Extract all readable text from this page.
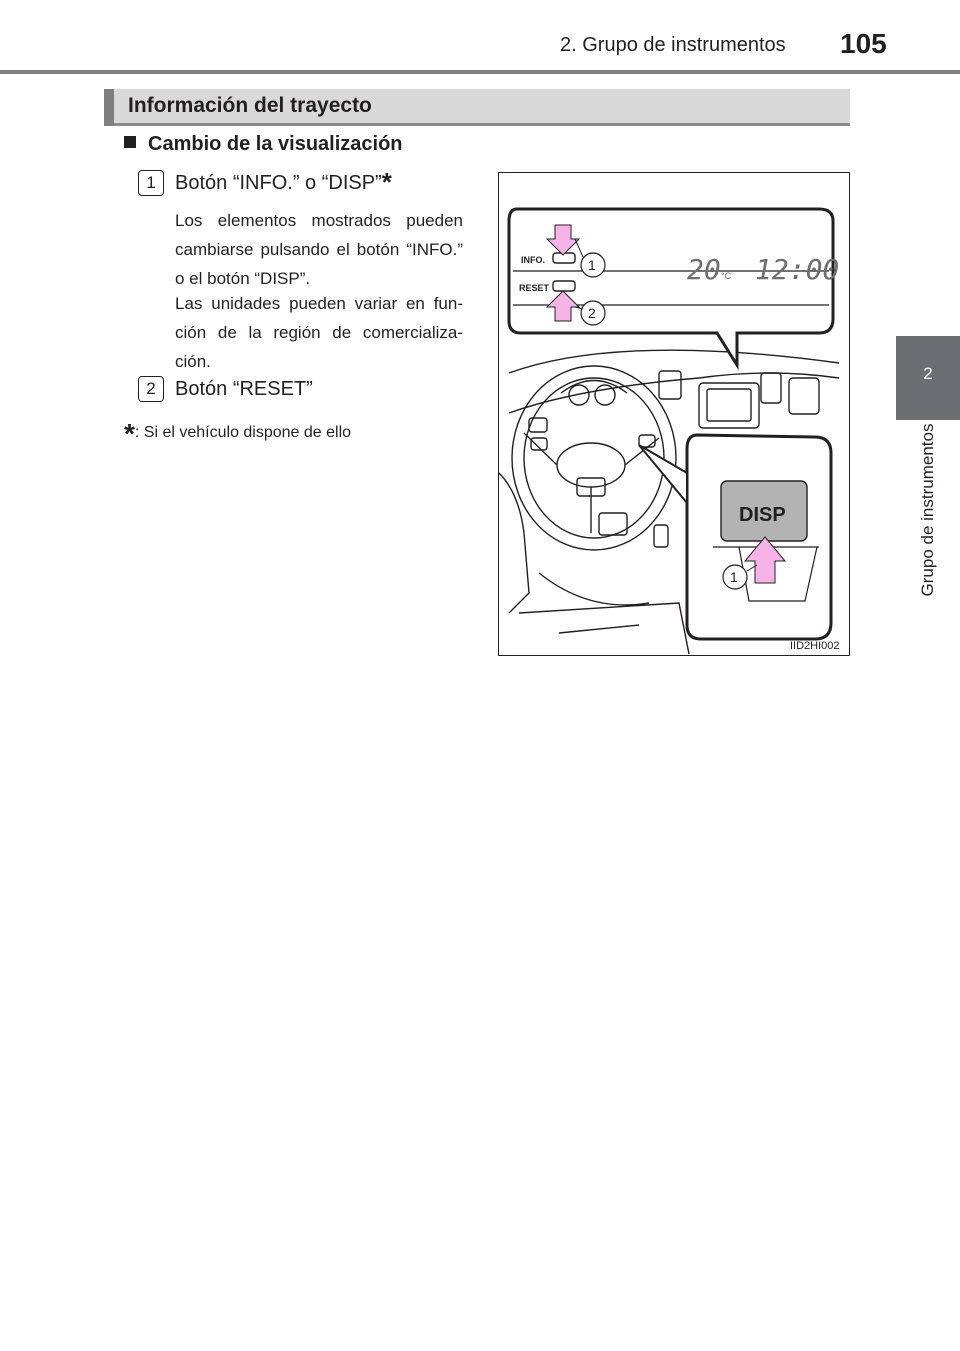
2. Grupo de instrumentos 105
2
Grupo de instrumentos
Información del trayecto
Cambio de la visualización
1 Botón “INFO.” o “DISP”*
Los elementos mostrados pueden cambiarse pulsando el botón “INFO.” o el botón “DISP”.
Las unidades pueden variar en fun-ción de la región de comercializa-ción.
2 Botón “RESET”
*: Si el vehículo dispone de ello
INFO.
RESET
20 °C 12:00
DISP
1
2
1
IID2HI002
